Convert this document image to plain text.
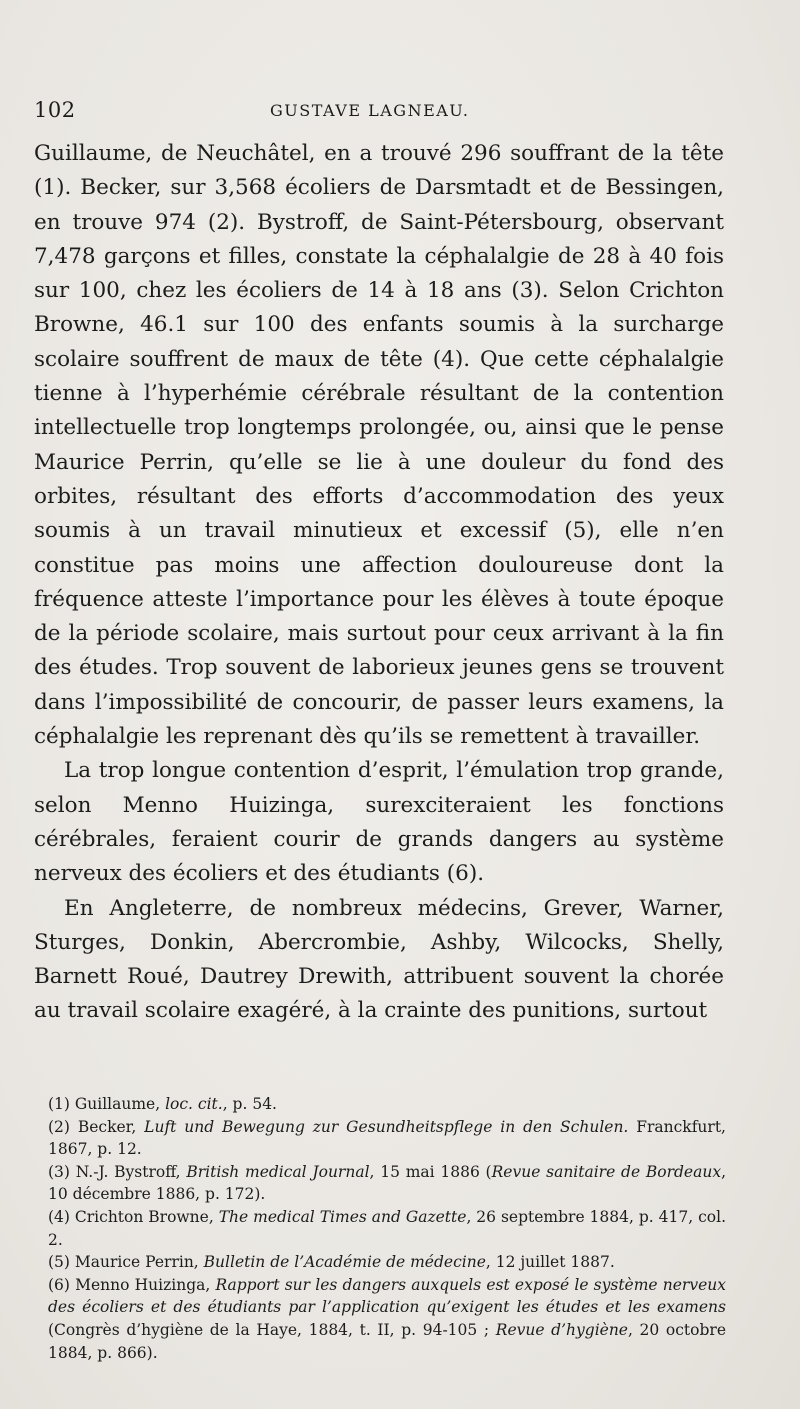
102	GUSTAVE LAGNEAU.

Guillaume, de Neuchâtel, en a trouvé 296 souffrant de la tête (1). Becker, sur 3,568 écoliers de Darsmtadt et de Bessingen, en trouve 974 (2). Bystroff, de Saint-Pétersbourg, observant 7,478 garçons et filles, constate la céphalalgie de 28 à 40 fois sur 100, chez les écoliers de 14 à 18 ans (3). Selon Crichton Browne, 46.1 sur 100 des enfants soumis à la surcharge scolaire souffrent de maux de tête (4). Que cette céphalalgie tienne à l’hyperhémie cérébrale résultant de la contention intellectuelle trop longtemps prolongée, ou, ainsi que le pense Maurice Perrin, qu’elle se lie à une douleur du fond des orbites, résultant des efforts d’accommodation des yeux soumis à un travail minutieux et excessif (5), elle n’en constitue pas moins une affection douloureuse dont la fréquence atteste l’importance pour les élèves à toute époque de la période scolaire, mais surtout pour ceux arrivant à la fin des études. Trop souvent de laborieux jeunes gens se trouvent dans l’impossibilité de concourir, de passer leurs examens, la céphalalgie les reprenant dès qu’ils se remettent à travailler.

La trop longue contention d’esprit, l’émulation trop grande, selon Menno Huizinga, surexciteraient les fonctions cérébrales, feraient courir de grands dangers au système nerveux des écoliers et des étudiants (6).

En Angleterre, de nombreux médecins, Grever, Warner, Sturges, Donkin, Abercrombie, Ashby, Wilcocks, Shelly, Barnett Roué, Dautrey Drewith, attribuent souvent la chorée au travail scolaire exagéré, à la crainte des punitions, surtout

(1) Guillaume, loc. cit., p. 54.

(2) Becker, Luft und Bewegung zur Gesundheitspflege in den Schulen. Franckfurt, 1867, p. 12.

(3) N.-J. Bystroff, British medical Journal, 15 mai 1886 (Revue sanitaire de Bordeaux, 10 décembre 1886, p. 172).

(4) Crichton Browne, The medical Times and Gazette, 26 septembre 1884, p. 417, col. 2.

(5) Maurice Perrin, Bulletin de l’Académie de médecine, 12 juillet 1887.

(6) Menno Huizinga, Rapport sur les dangers auxquels est exposé le système nerveux des écoliers et des étudiants par l’application qu’exigent les études et les examens (Congrès d’hygiène de la Haye, 1884, t. II, p. 94-105 ; Revue d’hygiène, 20 octobre 1884, p. 866).
